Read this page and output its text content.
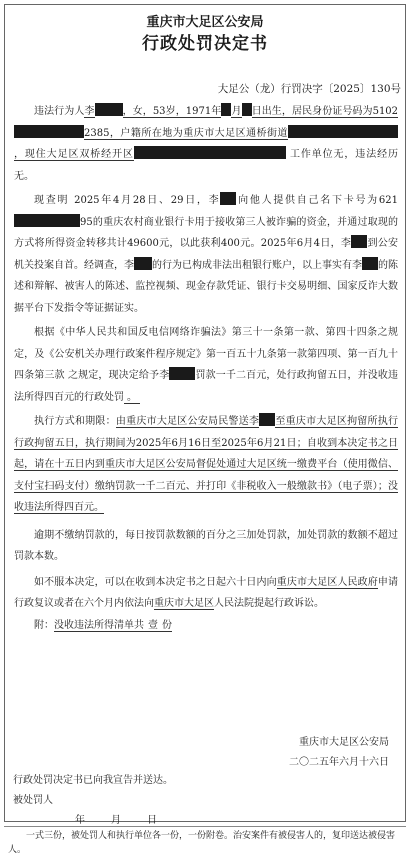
重庆市大足区公安局
行政处罚决定书
大足公（龙）行罚决字〔2025〕130号

违法行为人李	，女，53岁，1971年 月 日出生，居民身份证号码为51022385，户籍所在地为重庆市大足区通桥街道，现住大足区双桥经开区	工作单位无，违法经历无。

现查明 2025年4月28日、29日，李 向他人提供自己名下卡号为62195的重庆农村商业银行卡用于接收第三人被诈骗的资金，并通过取现的方式将所得资金转移共计49600元，以此获利400元。2025年6月4日，李 到公安机关投案自首。经调查，李 的行为已构成非法出租银行账户，以上事实有李 的陈述和辩解、被害人的陈述、监控视频、现金存款凭证、银行卡交易明细、国家反诈大数据平台下发指令等证据证实。

根据《中华人民共和国反电信网络诈骗法》第三十一条第一款、第四十四条之规定，及《公安机关办理行政案件程序规定》第一百五十九条第一款第四项、第一百九十四条第三款 之规定，现决定给予李	罚款一千二百元，处行政拘留五日，并没收违法所得四百元的行政处罚 。

执行方式和期限：由重庆市大足区公安局民警送李 至重庆市大足区拘留所执行行政拘留五日，执行期间为2025年6月16日至2025年6月21日；自收到本决定书之日起，请在十五日内到重庆市大足区公安局督促处通过大足区统一缴费平台（使用微信、支付宝扫码支付）缴纳罚款一千二百元、并打印《非税收入一般缴款书》（电子票）；没收违法所得四百元。

逾期不缴纳罚款的，每日按罚款数额的百分之三加处罚款，加处罚款的数额不超过罚款本数。

如不服本决定，可以在收到本决定书之日起六十日内向重庆市大足区人民政府申请行政复议或者在六个月内依法向重庆市大足区人民法院提起行政诉讼。

附：没收违法所得清单共 壹 份

重庆市大足区公安局
二〇二五年六月十六日
行政处罚决定书已向我宣告并送达。
被处罚人
年	月	日
一式三份，被处罚人和执行单位各一份，一份附卷。治安案件有被侵害人的，复印送达被侵害人。
